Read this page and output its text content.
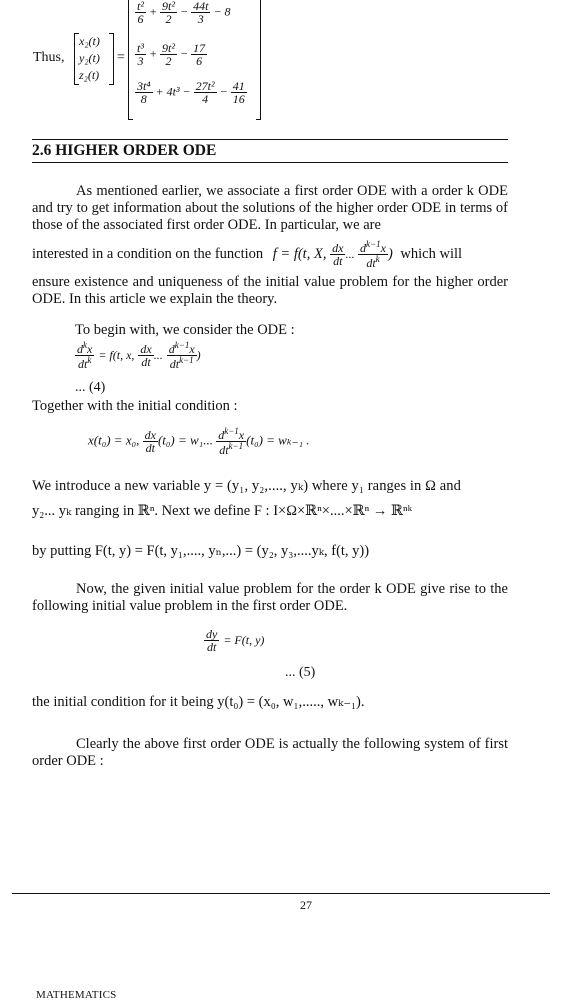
Thus,
x₂(t)
y₂(t)
z₂(t)
=
$\frac{\text{t²}}{6} + \frac{\text{9t²}}{2} - \frac{44t}{3} - 8$
$\frac{\text{t³}}{3} + \frac{\text{9t²}}{2} - \frac{17}{6}$
$\frac{\text{3t⁴}}{8} + 4t^3 - \frac{\text{27t²}}{4} - \frac{41}{16}$
2.6 HIGHER ORDER ODE
As mentioned earlier, we associate a first order ODE with a order k ODE and try to get information about the solutions of the higher order ODE in terms of those of the associated first order ODE. In particular, we are
interested in a condition on the function f = f(t, X, $\frac{dx}{dt}$ ... $\frac{d^{k-1}x}{dt^k}$ ) which will
ensure existence and uniqueness of the initial value problem for the higher order ODE. In this article we explain the theory.
To begin with, we consider the ODE :
$\frac{d^kx}{dt^k} = f(t$, x, $\frac{dx}{dt}$ ... $\frac{d^{k-1}x}{dt^{k-1}}$ )
... (4)
Together with the initial condition :
x(t₀) = x₀, $\frac{dx}{dt} (t_0) = w_1$... $\frac{d^{k-1}x}{dt^{k-1}} (t_0) = w_{k-1}$ .
We introduce a new variable y = (y₁, y₂,...., yₖ) where y₁ ranges in Ω and
y₂... yₖ ranging in ℝⁿ. Next we define F : I×Ω×ℝⁿ×....×ℝⁿ → ℝⁿᵏ
by putting F(t, y) = F(t, y₁,...., yₙ,...) = (y₂, y₃,....yₖ, f(t, y))
Now, the given initial value problem for the order k ODE give rise to the following initial value problem in the first order ODE.
$\frac{dy}{dt} = F(t$, y)
... (5)
the initial condition for it being y(t₀) = (x₀, w₁,....., wₖ₋₁).
Clearly the above first order ODE is actually the following system of first order ODE :
27
MATHEMATICS
